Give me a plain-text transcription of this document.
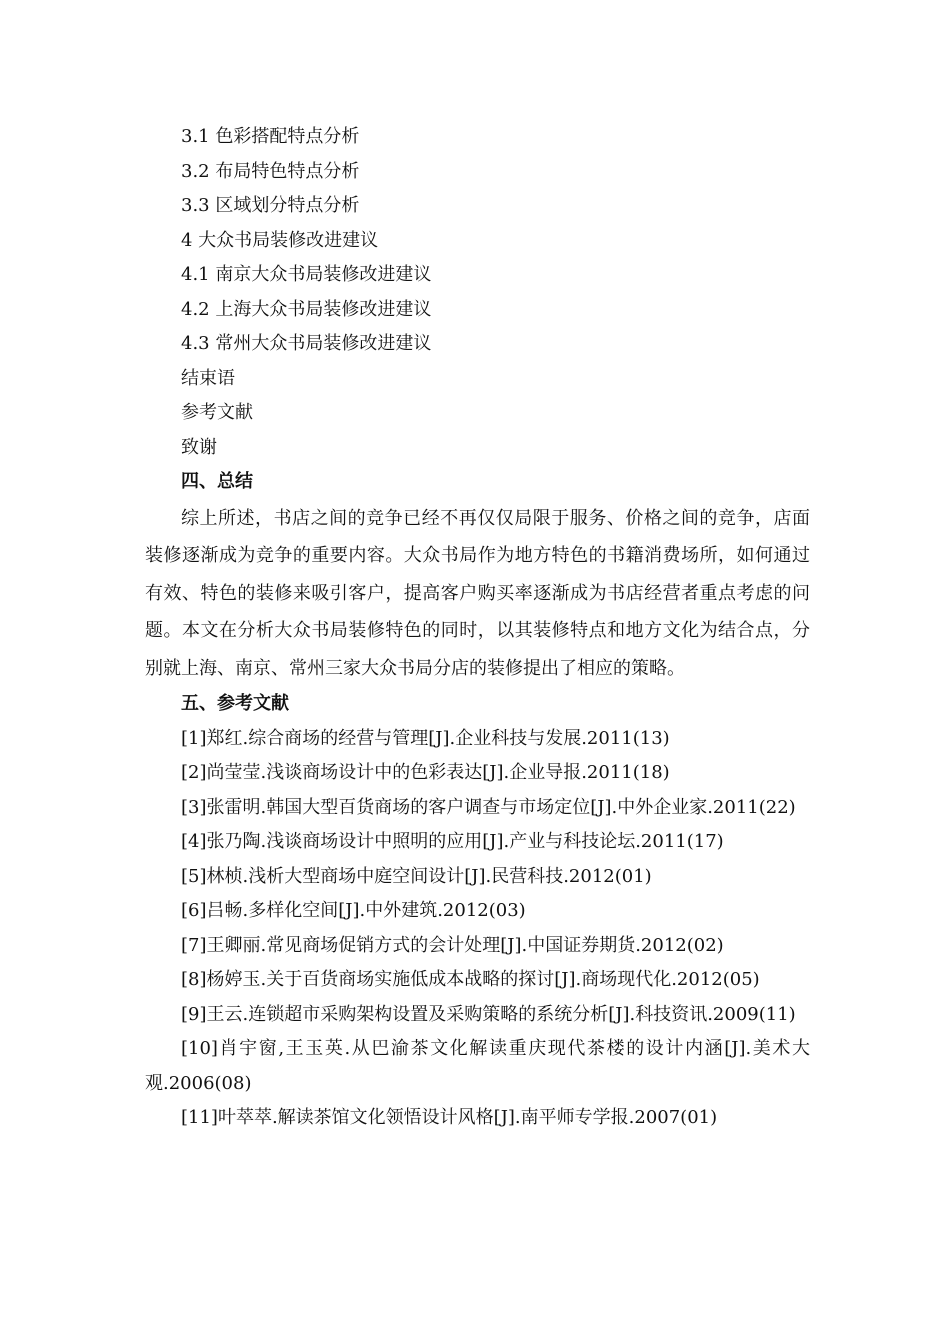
3.1 色彩搭配特点分析
3.2 布局特色特点分析
3.3 区域划分特点分析
4 大众书局装修改进建议
4.1 南京大众书局装修改进建议
4.2 上海大众书局装修改进建议
4.3 常州大众书局装修改进建议
结束语
参考文献
致谢
四、总结

综上所述，书店之间的竞争已经不再仅仅局限于服务、价格之间的竞争，店面装修逐渐成为竞争的重要内容。大众书局作为地方特色的书籍消费场所，如何通过有效、特色的装修来吸引客户，提高客户购买率逐渐成为书店经营者重点考虑的问题。本文在分析大众书局装修特色的同时，以其装修特点和地方文化为结合点，分别就上海、南京、常州三家大众书局分店的装修提出了相应的策略。

五、参考文献

[1]郑红.综合商场的经营与管理[J].企业科技与发展.2011(13)

[2]尚莹莹.浅谈商场设计中的色彩表达[J].企业导报.2011(18)

[3]张雷明.韩国大型百货商场的客户调查与市场定位[J].中外企业家.2011(22)

[4]张乃陶.浅谈商场设计中照明的应用[J].产业与科技论坛.2011(17)

[5]林桢.浅析大型商场中庭空间设计[J].民营科技.2012(01)

[6]吕畅.多样化空间[J].中外建筑.2012(03)

[7]王卿丽.常见商场促销方式的会计处理[J].中国证券期货.2012(02)

[8]杨婷玉.关于百货商场实施低成本战略的探讨[J].商场现代化.2012(05)

[9]王云.连锁超市采购架构设置及采购策略的系统分析[J].科技资讯.2009(11)

[10]肖宇窗,王玉英.从巴渝茶文化解读重庆现代茶楼的设计内涵[J].美术大观.2006(08)

[11]叶萃萃.解读茶馆文化领悟设计风格[J].南平师专学报.2007(01)
